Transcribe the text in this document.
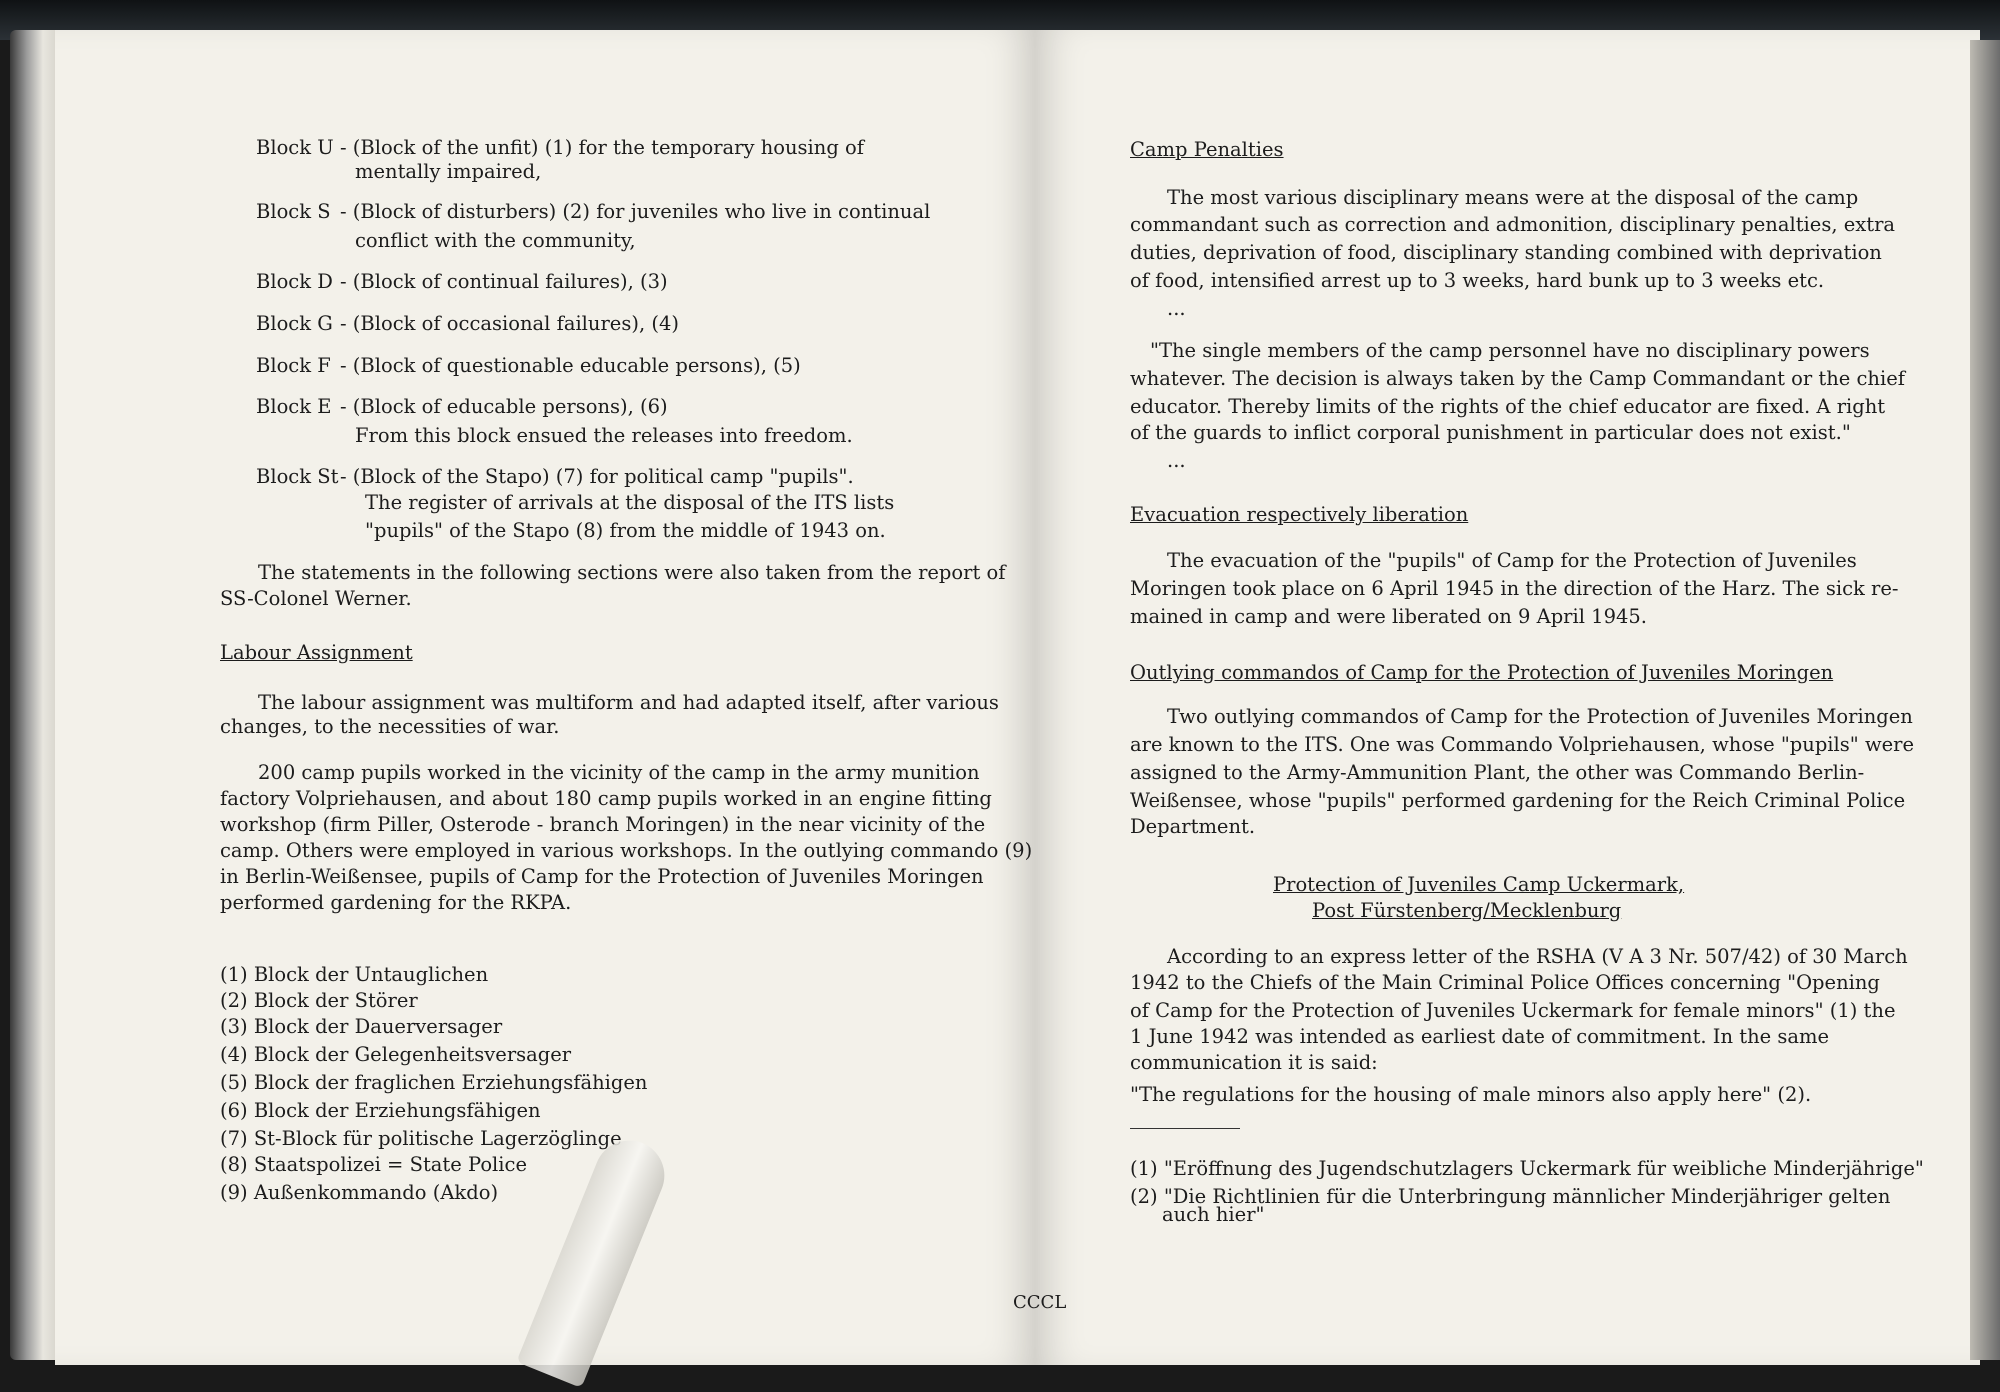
Block U - (Block of the unfit) (1) for the temporary housing of
mentally impaired,
Block S - (Block of disturbers) (2) for juveniles who live in continual
conflict with the community,
Block D - (Block of continual failures), (3)
Block G - (Block of occasional failures), (4)
Block F - (Block of questionable educable persons), (5)
Block E - (Block of educable persons), (6)
From this block ensued the releases into freedom.
Block St - (Block of the Stapo) (7) for political camp "pupils".
The register of arrivals at the disposal of the ITS lists
"pupils" of the Stapo (8) from the middle of 1943 on.
The statements in the following sections were also taken from the report of
SS-Colonel Werner.
Labour Assignment
The labour assignment was multiform and had adapted itself, after various
changes, to the necessities of war.
200 camp pupils worked in the vicinity of the camp in the army munition
factory Volpriehausen, and about 180 camp pupils worked in an engine fitting
workshop (firm Piller, Osterode - branch Moringen) in the near vicinity of the
camp. Others were employed in various workshops. In the outlying commando (9)
in Berlin-Weißensee, pupils of Camp for the Protection of Juveniles Moringen
performed gardening for the RKPA.
(1) Block der Untauglichen
(2) Block der Störer
(3) Block der Dauerversager
(4) Block der Gelegenheitsversager
(5) Block der fraglichen Erziehungsfähigen
(6) Block der Erziehungsfähigen
(7) St-Block für politische Lagerzöglinge
(8) Staatspolizei = State Police
(9) Außenkommando (Akdo)
CCCL
Camp Penalties
The most various disciplinary means were at the disposal of the camp
commandant such as correction and admonition, disciplinary penalties, extra
duties, deprivation of food, disciplinary standing combined with deprivation
of food, intensified arrest up to 3 weeks, hard bunk up to 3 weeks etc.
...
"The single members of the camp personnel have no disciplinary powers
whatever. The decision is always taken by the Camp Commandant or the chief
educator. Thereby limits of the rights of the chief educator are fixed. A right
of the guards to inflict corporal punishment in particular does not exist."
...
Evacuation respectively liberation
The evacuation of the "pupils" of Camp for the Protection of Juveniles
Moringen took place on 6 April 1945 in the direction of the Harz. The sick re-
mained in camp and were liberated on 9 April 1945.
Outlying commandos of Camp for the Protection of Juveniles Moringen
Two outlying commandos of Camp for the Protection of Juveniles Moringen
are known to the ITS. One was Commando Volpriehausen, whose "pupils" were
assigned to the Army-Ammunition Plant, the other was Commando Berlin-
Weißensee, whose "pupils" performed gardening for the Reich Criminal Police
Department.
Protection of Juveniles Camp Uckermark,
Post Fürstenberg/Mecklenburg
According to an express letter of the RSHA (V A 3 Nr. 507/42) of 30 March
1942 to the Chiefs of the Main Criminal Police Offices concerning "Opening
of Camp for the Protection of Juveniles Uckermark for female minors" (1) the
1 June 1942 was intended as earliest date of commitment. In the same
communication it is said:
"The regulations for the housing of male minors also apply here" (2).
(1) "Eröffnung des Jugendschutzlagers Uckermark für weibliche Minderjährige"
(2) "Die Richtlinien für die Unterbringung männlicher Minderjähriger gelten
auch hier"
